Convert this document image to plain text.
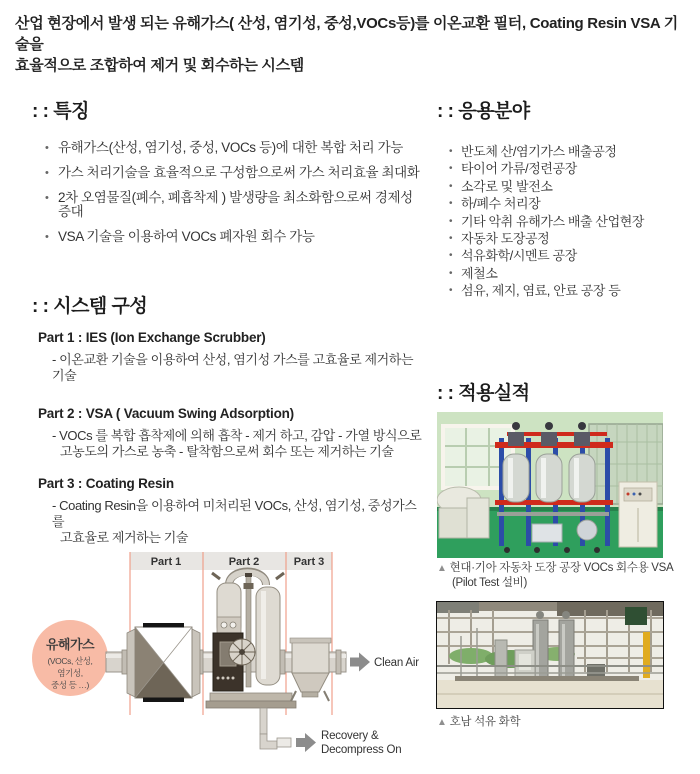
산업 현장에서 발생 되는 유해가스( 산성, 염기성, 중성,VOCs등)를 이온교환 필터, Coating Resin VSA 기술을
효율적으로 조합하여 제거 및 회수하는 시스템
: : 특징
• 유해가스(산성, 염기성, 중성, VOCs 등)에 대한 복합 처리 가능
• 가스 처리기술을 효율적으로 구성함으로써 가스 처리효율 최대화
• 2차 오염물질(폐수, 폐흡착제 ) 발생량을 최소화함으로써 경제성 증대
• VSA 기술을 이용하여 VOCs 폐자원 회수 가능
: : 응용분야
• 반도체 산/염기가스 배출공정
• 타이어 가류/정련공장
• 소각로 및 발전소
• 하/폐수 처리장
• 기타 악취 유해가스 배출 산업현장
• 자동차 도장공정
• 석유화학/시멘트 공장
• 제철소
• 섬유, 제지, 염료, 안료 공장 등
: : 시스템 구성
Part 1 : IES (Ion Exchange Scrubber)
- 이온교환 기술을 이용하여 산성, 염기성 가스를 고효율로 제거하는 기술
Part 2 : VSA ( Vacuum Swing Adsorption)
- VOCs 를 복합 흡착제에 의해 흡착 - 제거 하고, 감압 - 가열 방식으로
고농도의 가스로 농축 - 탈착함으로써 회수 또는 제거하는 기술
Part 3 : Coating Resin
- Coating Resin을 이용하여 미처리된 VOCs, 산성, 염기성, 중성가스를
고효율로 제거하는 기술
Part 1	Part 2	Part 3
유해가스
(VOCs, 산성,
염기성,
중성 등 …)
Clean Air
Recovery &
Decompress On
: : 적용실적
▲ 현대·기아 자동차 도장 공장 VOCs 회수용 VSA
(Pilot Test 설비)
▲ 호남 석유 화학
